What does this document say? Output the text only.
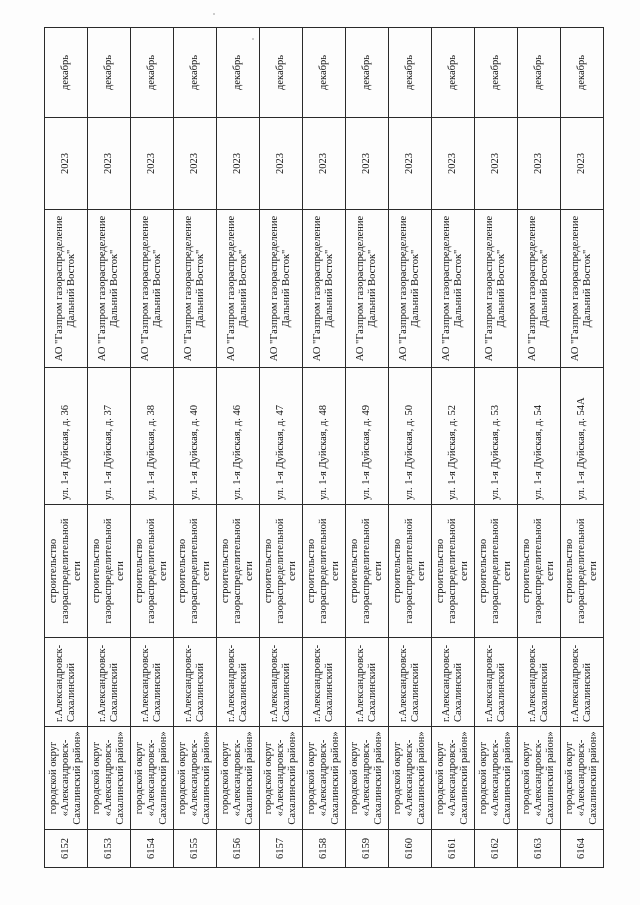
6152	городской округ «Александровск-Сахалинский район»	г.Александровск-Сахалинский	строительство газораспределительной сети	ул. 1-я Дуйская, д. 36	АО "Газпром газораспределение Дальний Восток"	2023	декабрь
6153	городской округ «Александровск-Сахалинский район»	г.Александровск-Сахалинский	строительство газораспределительной сети	ул. 1-я Дуйская, д. 37	АО "Газпром газораспределение Дальний Восток"	2023	декабрь
6154	городской округ «Александровск-Сахалинский район»	г.Александровск-Сахалинский	строительство газораспределительной сети	ул. 1-я Дуйская, д. 38	АО "Газпром газораспределение Дальний Восток"	2023	декабрь
6155	городской округ «Александровск-Сахалинский район»	г.Александровск-Сахалинский	строительство газораспределительной сети	ул. 1-я Дуйская, д. 40	АО "Газпром газораспределение Дальний Восток"	2023	декабрь
6156	городской округ «Александровск-Сахалинский район»	г.Александровск-Сахалинский	строительство газораспределительной сети	ул. 1-я Дуйская, д. 46	АО "Газпром газораспределение Дальний Восток"	2023	декабрь
6157	городской округ «Александровск-Сахалинский район»	г.Александровск-Сахалинский	строительство газораспределительной сети	ул. 1-я Дуйская, д. 47	АО "Газпром газораспределение Дальний Восток"	2023	декабрь
6158	городской округ «Александровск-Сахалинский район»	г.Александровск-Сахалинский	строительство газораспределительной сети	ул. 1-я Дуйская, д. 48	АО "Газпром газораспределение Дальний Восток"	2023	декабрь
6159	городской округ «Александровск-Сахалинский район»	г.Александровск-Сахалинский	строительство газораспределительной сети	ул. 1-я Дуйская, д. 49	АО "Газпром газораспределение Дальний Восток"	2023	декабрь
6160	городской округ «Александровск-Сахалинский район»	г.Александровск-Сахалинский	строительство газораспределительной сети	ул. 1-я Дуйская, д. 50	АО "Газпром газораспределение Дальний Восток"	2023	декабрь
6161	городской округ «Александровск-Сахалинский район»	г.Александровск-Сахалинский	строительство газораспределительной сети	ул. 1-я Дуйская, д. 52	АО "Газпром газораспределение Дальний Восток"	2023	декабрь
6162	городской округ «Александровск-Сахалинский район»	г.Александровск-Сахалинский	строительство газораспределительной сети	ул. 1-я Дуйская, д. 53	АО "Газпром газораспределение Дальний Восток"	2023	декабрь
6163	городской округ «Александровск-Сахалинский район»	г.Александровск-Сахалинский	строительство газораспределительной сети	ул. 1-я Дуйская, д. 54	АО "Газпром газораспределение Дальний Восток"	2023	декабрь
6164	городской округ «Александровск-Сахалинский район»	г.Александровск-Сахалинский	строительство газораспределительной сети	ул. 1-я Дуйская, д. 54А	АО "Газпром газораспределение Дальний Восток"	2023	декабрь
